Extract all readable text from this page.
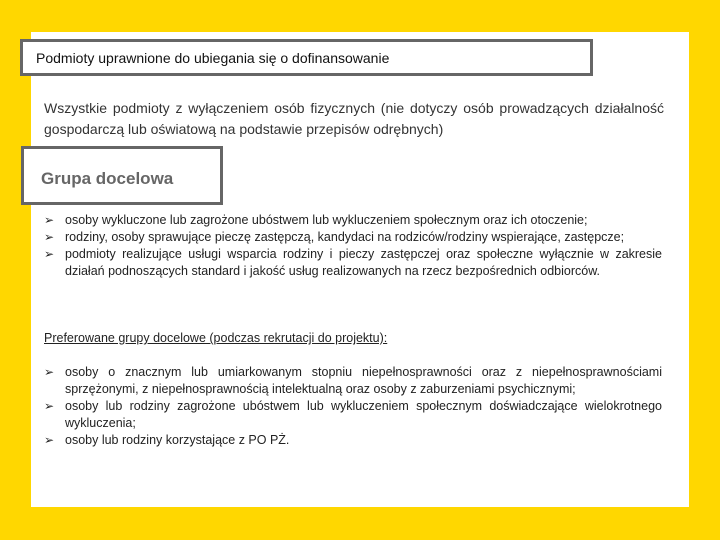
Podmioty uprawnione do ubiegania się o dofinansowanie
Wszystkie podmioty z wyłączeniem osób fizycznych (nie dotyczy osób prowadzących działalność gospodarczą lub oświatową na podstawie przepisów odrębnych)
Grupa docelowa
➢ osoby wykluczone lub zagrożone ubóstwem lub wykluczeniem społecznym oraz ich otoczenie;
➢ rodziny, osoby sprawujące pieczę zastępczą, kandydaci na rodziców/rodziny wspierające, zastępcze;
➢ podmioty realizujące usługi wsparcia rodziny i pieczy zastępczej oraz społeczne wyłącznie w zakresie działań podnoszących standard i jakość usług realizowanych na rzecz bezpośrednich odbiorców.
Preferowane grupy docelowe (podczas rekrutacji do projektu):
➢ osoby o znacznym lub umiarkowanym stopniu niepełnosprawności oraz z niepełnosprawnościami sprzężonymi, z niepełnosprawnością intelektualną oraz osoby z zaburzeniami psychicznymi;
➢ osoby lub rodziny zagrożone ubóstwem lub wykluczeniem społecznym doświadczające wielokrotnego wykluczenia;
➢ osoby lub rodziny korzystające z PO PŻ.
